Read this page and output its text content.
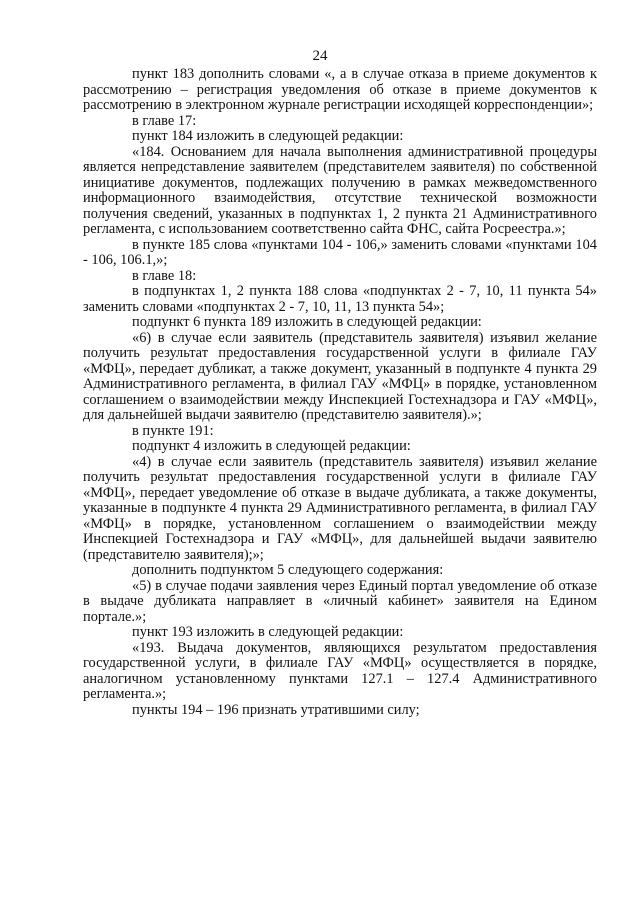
24

пункт 183 дополнить словами «, а в случае отказа в приеме документов к рассмотрению – регистрация уведомления об отказе в приеме документов к рассмотрению в электронном журнале регистрации исходящей корреспонденции»;

в главе 17:

пункт 184 изложить в следующей редакции:

«184. Основанием для начала выполнения административной процедуры является непредставление заявителем (представителем заявителя) по собственной инициативе документов, подлежащих получению в рамках межведомственного информационного взаимодействия, отсутствие технической возможности получения сведений, указанных в подпунктах 1, 2 пункта 21 Административного регламента, с использованием соответственно сайта ФНС, сайта Росреестра.»;

в пункте 185 слова «пунктами 104 - 106,» заменить словами «пунктами 104 - 106, 106.1,»;

в главе 18:

в подпунктах 1, 2 пункта 188 слова «подпунктах 2 - 7, 10, 11 пункта 54» заменить словами «подпунктах 2 - 7, 10, 11, 13 пункта 54»;

подпункт 6 пункта 189 изложить в следующей редакции:

«6) в случае если заявитель (представитель заявителя) изъявил желание получить результат предоставления государственной услуги в филиале ГАУ «МФЦ», передает дубликат, а также документ, указанный в подпункте 4 пункта 29 Административного регламента, в филиал ГАУ «МФЦ» в порядке, установленном соглашением о взаимодействии между Инспекцией Гостехнадзора и ГАУ «МФЦ», для дальнейшей выдачи заявителю (представителю заявителя).»;

в пункте 191:

подпункт 4 изложить в следующей редакции:

«4) в случае если заявитель (представитель заявителя) изъявил желание получить результат предоставления государственной услуги в филиале ГАУ «МФЦ», передает уведомление об отказе в выдаче дубликата, а также документы, указанные в подпункте 4 пункта 29 Административного регламента, в филиал ГАУ «МФЦ» в порядке, установленном соглашением о взаимодействии между Инспекцией Гостехнадзора и ГАУ «МФЦ», для дальнейшей выдачи заявителю (представителю заявителя);»;

дополнить подпунктом 5 следующего содержания:

«5) в случае подачи заявления через Единый портал уведомление об отказе в выдаче дубликата направляет в «личный кабинет» заявителя на Едином портале.»;

пункт 193 изложить в следующей редакции:

«193. Выдача документов, являющихся результатом предоставления государственной услуги, в филиале ГАУ «МФЦ» осуществляется в порядке, аналогичном установленному пунктами 127.1 – 127.4 Административного регламента.»;

пункты 194 – 196 признать утратившими силу;
